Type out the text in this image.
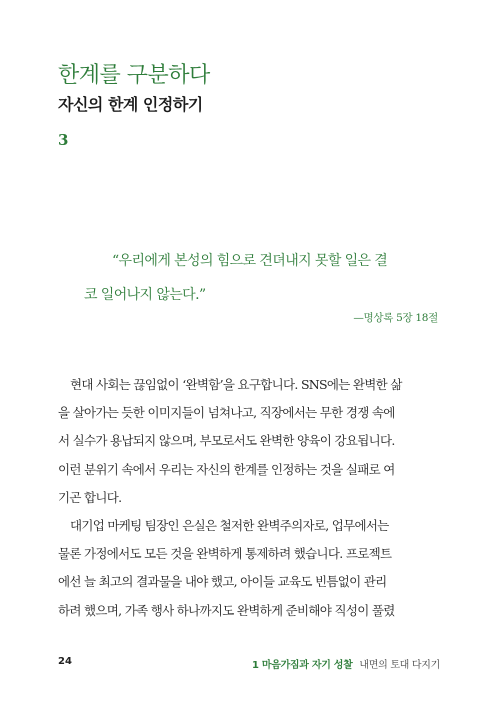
한계를 구분하다
자신의 한계 인정하기
3
“우리에게 본성의 힘으로 견뎌내지 못할 일은 결
코 일어나지 않는다.”
—명상록 5장 18절
현대 사회는 끊임없이 ‘완벽함’을 요구합니다. SNS에는 완벽한 삶
을 살아가는 듯한 이미지들이 넘쳐나고, 직장에서는 무한 경쟁 속에
서 실수가 용납되지 않으며, 부모로서도 완벽한 양육이 강요됩니다.
이런 분위기 속에서 우리는 자신의 한계를 인정하는 것을 실패로 여
기곤 합니다.
대기업 마케팅 팀장인 은실은 철저한 완벽주의자로, 업무에서는
물론 가정에서도 모든 것을 완벽하게 통제하려 했습니다. 프로젝트
에선 늘 최고의 결과물을 내야 했고, 아이들 교육도 빈틈없이 관리
하려 했으며, 가족 행사 하나까지도 완벽하게 준비해야 직성이 풀렸
24	1 마음가짐과 자기 성찰 내면의 토대 다지기
